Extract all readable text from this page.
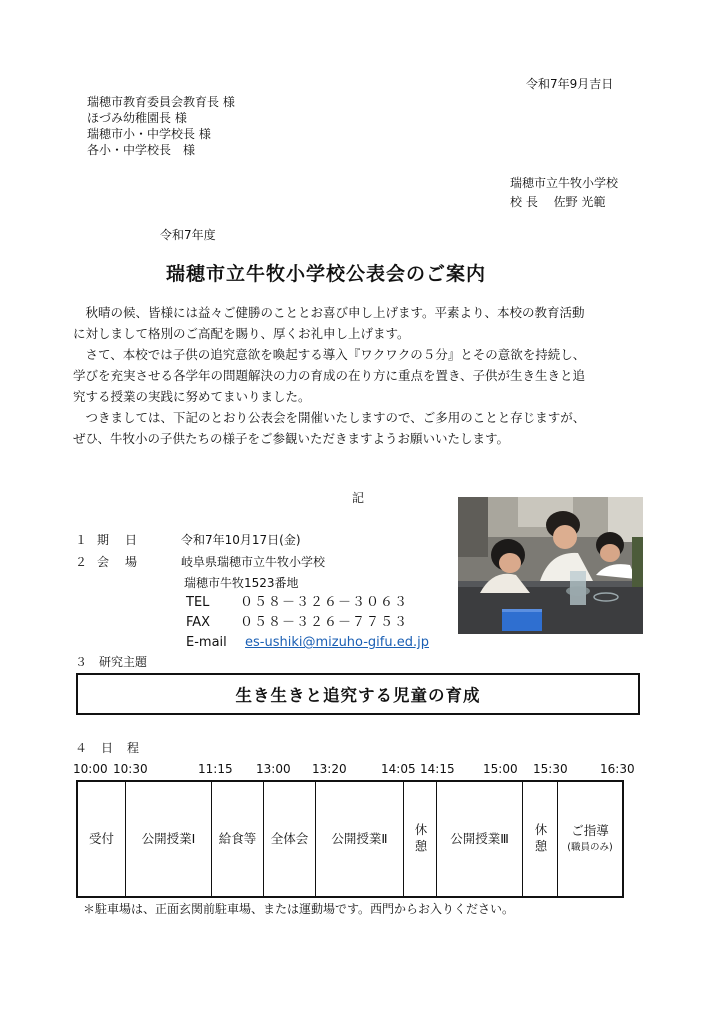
令和7年9月吉日
瑞穂市教育委員会教育長 様
ほづみ幼稚園長 様
瑞穂市小・中学校長 様
各小・中学校長　様
瑞穂市立牛牧小学校
校 長　 佐野 光範
令和7年度
瑞穂市立牛牧小学校公表会のご案内

　秋晴の候、皆様には益々ご健勝のこととお喜び申し上げます。平素より、本校の教育活動

に対しまして格別のご高配を賜り、厚くお礼申し上げます。

　さて、本校では子供の追究意欲を喚起する導入『ワクワクの５分』とその意欲を持続し、

学びを充実させる各学年の問題解決の力の育成の在り方に重点を置き、子供が生き生きと追

究する授業の実践に努めてまいりました。

　つきましては、下記のとおり公表会を開催いたしますので、ご多用のことと存じますが、

ぜひ、牛牧小の子供たちの様子をご参観いただきますようお願いいたします。

記
１ 期　日	令和7年10月17日(金)
２ 会　場	岐阜県瑞穂市立牛牧小学校
瑞穂市牛牧1523番地
TEL ０５８－３２６－３０６３
FAX ０５８－３２６－７７５３
E-mail es-ushiki@mizuho-gifu.ed.jp
３　研究主題
生き生きと追究する児童の育成
４　日　程
10:00 10:30	11:15 13:00 13:20	14:05 14:15 15:00 15:30	16:30
受付 公開授業Ⅰ 給食等 全体会 公開授業Ⅱ 休憩 公開授業Ⅲ 休憩 ご指導
(職員のみ)
＊駐車場は、正面玄関前駐車場、または運動場です。西門からお入りください。
